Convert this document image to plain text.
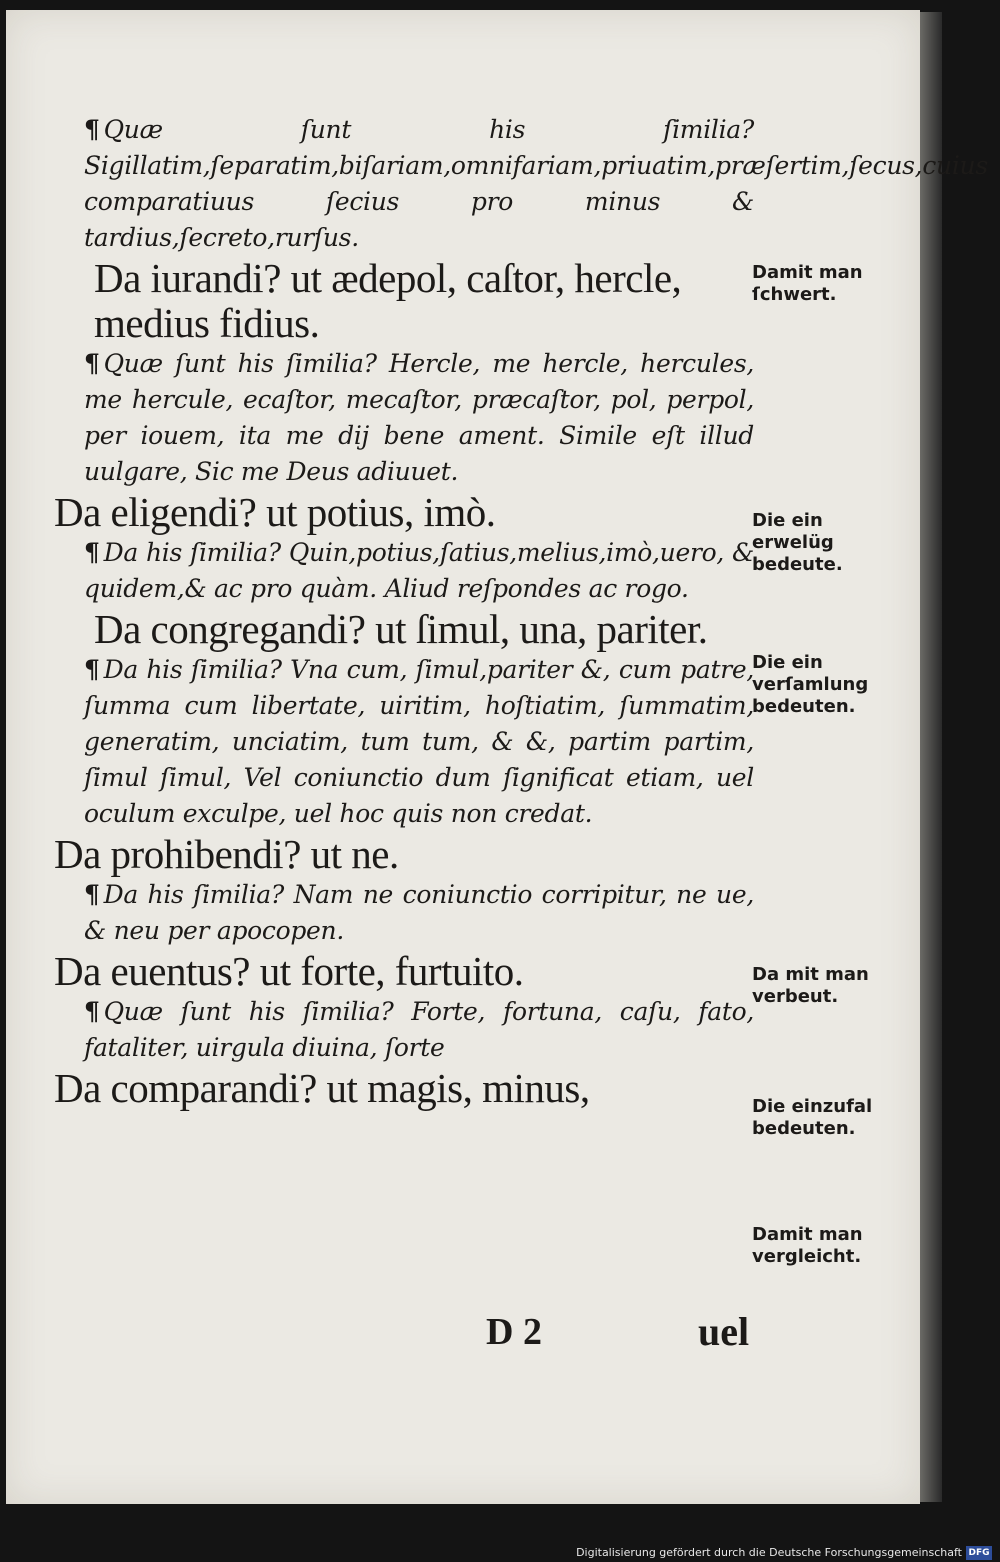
¶ Quæ ſunt his ſimilia? Sigillatim,ſeparatim,biſariam,omnifariam,priuatim,præſertim,ſecus,cuius comparatiuus ſecius pro minus & tardius,ſecreto,rurſus.

Da iurandi? ut ædepol, caſtor, hercle, medius fidius.

¶ Quæ ſunt his ſimilia? Hercle, me hercle, hercules, me hercule, ecaſtor, mecaſtor, præcaſtor, pol, perpol, per iouem, ita me dij bene ament. Simile eſt illud uulgare, Sic me Deus adiuuet.

Da eligendi? ut potius, imò.

¶ Da his ſimilia? Quin,potius,ſatius,melius,imò,uero, & quidem,& ac pro quàm. Aliud reſpondes ac rogo.

Da congregandi? ut ſimul, una, pariter.

¶ Da his ſimilia? Vna cum, ſimul,pariter &, cum patre, ſumma cum libertate, uiritim, hoſtiatim, ſummatim, generatim, unciatim, tum tum, & &, partim partim, ſimul ſimul, Vel coniunctio dum ſignificat etiam, uel oculum exculpe, uel hoc quis non credat.

Da prohibendi? ut ne.

¶ Da his ſimilia? Nam ne coniunctio corripitur, ne ue, & neu per apocopen.

Da euentus? ut forte, furtuito.

¶ Quæ ſunt his ſimilia? Forte, fortuna, caſu, fato, fataliter, uirgula diuina, ſorte

Da comparandi? ut magis, minus,

Damit man ſchwert.
Die ein erwelüg bedeute.
Die ein verſamlung bedeuten.
Da mit man verbeut.
Die einzufal bedeuten.
Damit man vergleicht.
D 2	uel
Digitalisierung gefördert durch die Deutsche Forschungsgemeinschaft DFG
